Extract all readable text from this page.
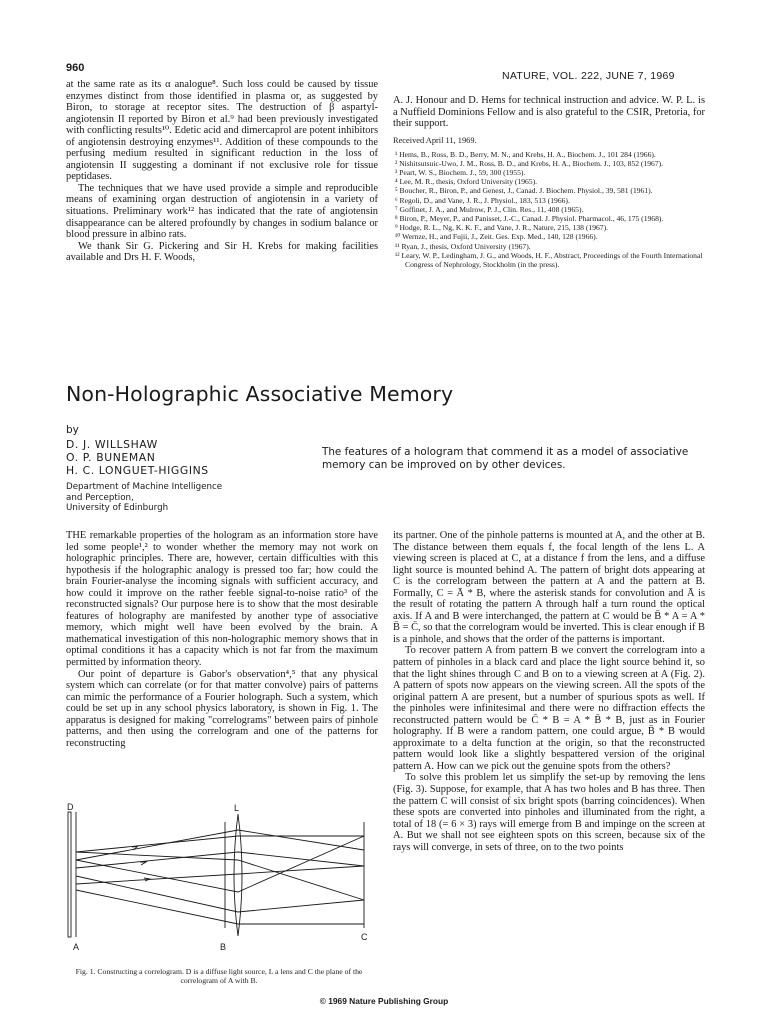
960
NATURE, VOL. 222, JUNE 7, 1969

at the same rate as its α analogue⁸. Such loss could be caused by tissue enzymes distinct from those identified in plasma or, as suggested by Biron, to storage at receptor sites. The destruction of β aspartyl-angiotensin II reported by Biron et al.⁹ had been previously investigated with conflicting results¹⁰. Edetic acid and dimercaprol are potent inhibitors of angiotensin destroying enzymes¹¹. Addition of these compounds to the perfusing medium resulted in significant reduction in the loss of angiotensin II suggesting a dominant if not exclusive role for tissue peptidases.

The techniques that we have used provide a simple and reproducible means of examining organ destruction of angiotensin in a variety of situations. Preliminary work¹² has indicated that the rate of angiotensin disappearance can be altered profoundly by changes in sodium balance or blood pressure in albino rats.

We thank Sir G. Pickering and Sir H. Krebs for making facilities available and Drs H. F. Woods,

A. J. Honour and D. Hems for technical instruction and advice. W. P. L. is a Nuffield Dominions Fellow and is also grateful to the CSIR, Pretoria, for their support.

Received April 11, 1969.

¹ Hems, B., Ross, B. D., Berry, M. N., and Krebs, H. A., Biochem. J., 101 284 (1966).

² Nishitsutsuic-Uwo, J. M., Ross, B. D., and Krebs, H. A., Biochem. J., 103, 852 (1967).

³ Peart, W. S., Biochem. J., 59, 300 (1955).

⁴ Lee, M. R., thesis, Oxford University (1965).

⁵ Boucher, R., Biron, P., and Genest, J., Canad. J. Biochem. Physiol., 39, 581 (1961).

⁶ Regoli, D., and Vane, J. R., J. Physiol., 183, 513 (1966).

⁷ Goffinet, J. A., and Mulrow, P. J., Clin. Res., 11, 408 (1965).

⁸ Biron, P., Meyer, P., and Panisset, J.-C., Canad. J. Physiol. Pharmacol., 46, 175 (1968).

⁹ Hodge, R. L., Ng, K. K. F., and Vane, J. R., Nature, 215, 138 (1967).

¹⁰ Wernze, H., and Fujii, J., Zeit. Ges. Exp. Med., 140, 128 (1966).

¹¹ Ryan, J., thesis, Oxford University (1967).

¹² Leary, W. P., Ledingham, J. G., and Woods, H. F., Abstract, Proceedings of the Fourth International Congress of Nephrology, Stockholm (in the press).

Non-Holographic Associative Memory
by
D. J. WILLSHAW
O. P. BUNEMAN
H. C. LONGUET-HIGGINS
Department of Machine Intelligence
and Perception,
University of Edinburgh
The features of a hologram that commend it as a model of associative memory can be improved on by other devices.

THE remarkable properties of the hologram as an information store have led some people¹,² to wonder whether the memory may not work on holographic principles. There are, however, certain difficulties with this hypothesis if the holographic analogy is pressed too far; how could the brain Fourier-analyse the incoming signals with sufficient accuracy, and how could it improve on the rather feeble signal-to-noise ratio³ of the reconstructed signals? Our purpose here is to show that the most desirable features of holography are manifested by another type of associative memory, which might well have been evolved by the brain. A mathematical investigation of this non-holographic memory shows that in optimal conditions it has a capacity which is not far from the maximum permitted by information theory.

Our point of departure is Gabor's observation⁴,⁵ that any physical system which can correlate (or for that matter convolve) pairs of patterns can mimic the performance of a Fourier holograph. Such a system, which could be set up in any school physics laboratory, is shown in Fig. 1. The apparatus is designed for making "correlograms" between pairs of pinhole patterns, and then using the correlogram and one of the patterns for reconstructing

D	L
A	B
C
Fig. 1. Constructing a correlogram. D is a diffuse light source, L a lens and C the plane of the correlogram of A with B.

its partner. One of the pinhole patterns is mounted at A, and the other at B. The distance between them equals f, the focal length of the lens L. A viewing screen is placed at C, at a distance f from the lens, and a diffuse light source is mounted behind A. The pattern of bright dots appearing at C is the correlogram between the pattern at A and the pattern at B. Formally, C = Ā * B, where the asterisk stands for convolution and Ā is the result of rotating the pattern A through half a turn round the optical axis. If A and B were interchanged, the pattern at C would be B̄ * A = A * B̄ = C̄, so that the correlogram would be inverted. This is clear enough if B is a pinhole, and shows that the order of the patterns is important.

To recover pattern A from pattern B we convert the correlogram into a pattern of pinholes in a black card and place the light source behind it, so that the light shines through C and B on to a viewing screen at A (Fig. 2). A pattern of spots now appears on the viewing screen. All the spots of the original pattern A are present, but a number of spurious spots as well. If the pinholes were infinitesimal and there were no diffraction effects the reconstructed pattern would be C̄ * B = A * B̄ * B, just as in Fourier holography. If B were a random pattern, one could argue, B̄ * B would approximate to a delta function at the origin, so that the reconstructed pattern would look like a slightly bespattered version of the original pattern A. How can we pick out the genuine spots from the others?

To solve this problem let us simplify the set-up by removing the lens (Fig. 3). Suppose, for example, that A has two holes and B has three. Then the pattern C will consist of six bright spots (barring coincidences). When these spots are converted into pinholes and illuminated from the right, a total of 18 (= 6 × 3) rays will emerge from B and impinge on the screen at A. But we shall not see eighteen spots on this screen, because six of the rays will converge, in sets of three, on to the two points

© 1969 Nature Publishing Group
